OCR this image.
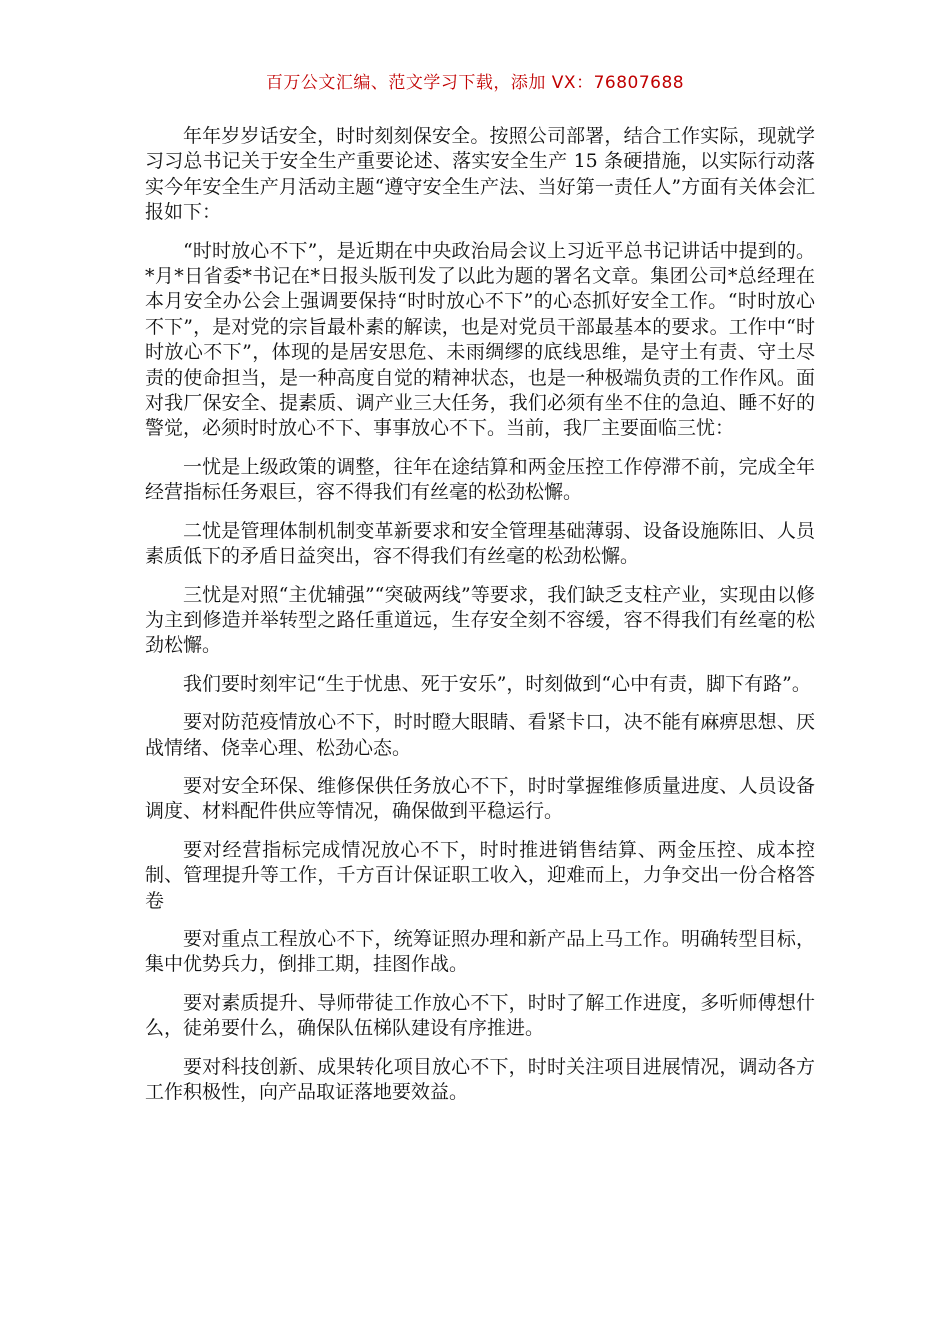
百万公文汇编、范文学习下载，添加 VX：76807688

年年岁岁话安全，时时刻刻保安全。按照公司部署，结合工作实际，现就学习习总书记关于安全生产重要论述、落实安全生产 15 条硬措施，以实际行动落实今年安全生产月活动主题“遵守安全生产法、当好第一责任人”方面有关体会汇报如下：

“时时放心不下”，是近期在中央政治局会议上习近平总书记讲话中提到的。*月*日省委*书记在*日报头版刊发了以此为题的署名文章。集团公司*总经理在本月安全办公会上强调要保持“时时放心不下”的心态抓好安全工作。“时时放心不下”，是对党的宗旨最朴素的解读，也是对党员干部最基本的要求。工作中“时时放心不下”，体现的是居安思危、未雨绸缪的底线思维，是守土有责、守土尽责的使命担当，是一种高度自觉的精神状态，也是一种极端负责的工作作风。面对我厂保安全、提素质、调产业三大任务，我们必须有坐不住的急迫、睡不好的警觉，必须时时放心不下、事事放心不下。当前，我厂主要面临三忧：

一忧是上级政策的调整，往年在途结算和两金压控工作停滞不前，完成全年经营指标任务艰巨，容不得我们有丝毫的松劲松懈。

二忧是管理体制机制变革新要求和安全管理基础薄弱、设备设施陈旧、人员素质低下的矛盾日益突出，容不得我们有丝毫的松劲松懈。

三忧是对照“主优辅强”“突破两线”等要求，我们缺乏支柱产业，实现由以修为主到修造并举转型之路任重道远，生存安全刻不容缓，容不得我们有丝毫的松劲松懈。

我们要时刻牢记“生于忧患、死于安乐”，时刻做到“心中有责，脚下有路”。

要对防范疫情放心不下，时时瞪大眼睛、看紧卡口，决不能有麻痹思想、厌战情绪、侥幸心理、松劲心态。

要对安全环保、维修保供任务放心不下，时时掌握维修质量进度、人员设备调度、材料配件供应等情况，确保做到平稳运行。

要对经营指标完成情况放心不下，时时推进销售结算、两金压控、成本控制、管理提升等工作，千方百计保证职工收入，迎难而上，力争交出一份合格答卷

要对重点工程放心不下，统筹证照办理和新产品上马工作。明确转型目标，集中优势兵力，倒排工期，挂图作战。

要对素质提升、导师带徒工作放心不下，时时了解工作进度，多听师傅想什么，徒弟要什么，确保队伍梯队建设有序推进。

要对科技创新、成果转化项目放心不下，时时关注项目进展情况，调动各方工作积极性，向产品取证落地要效益。
